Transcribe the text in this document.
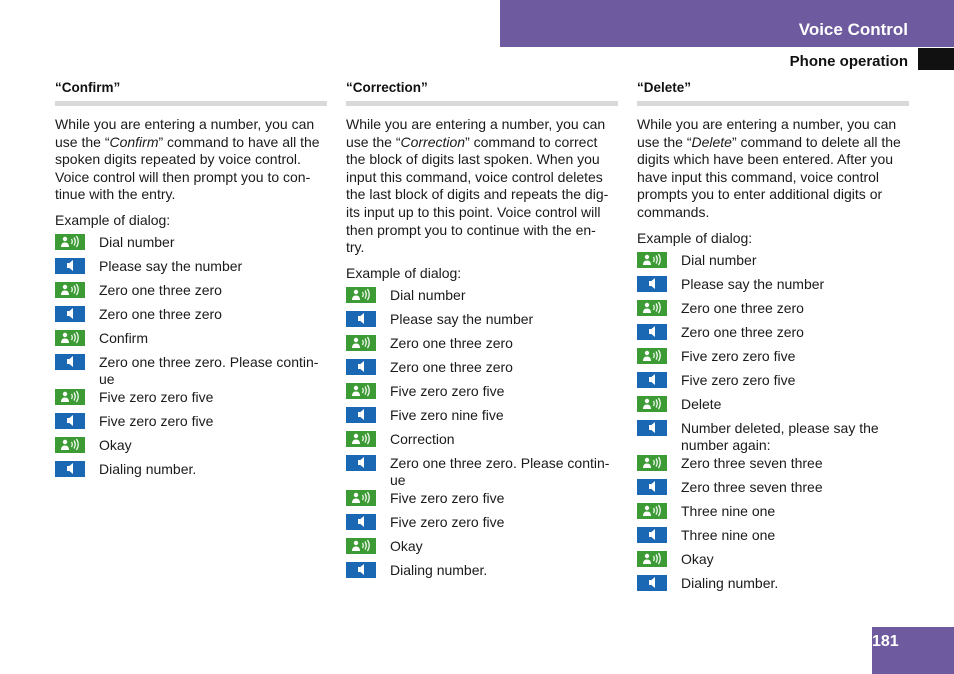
Voice Control
Phone operation
“Confirm”
While you are entering a number, you can use the “Confirm” command to have all the spoken digits repeated by voice control. Voice control will then prompt you to con- tinue with the entry.
Example of dialog:
Dial number
Please say the number
Zero one three zero
Zero one three zero
Confirm
Zero one three zero. Please contin- ue
Five zero zero five
Five zero zero five
Okay
Dialing number.
“Correction”
While you are entering a number, you can use the “Correction” command to correct the block of digits last spoken. When you input this command, voice control deletes the last block of digits and repeats the dig- its input up to this point. Voice control will then prompt you to continue with the en- try.
Example of dialog:
Dial number
Please say the number
Zero one three zero
Zero one three zero
Five zero zero five
Five zero nine five
Correction
Zero one three zero. Please contin- ue
Five zero zero five
Five zero zero five
Okay
Dialing number.
“Delete”
While you are entering a number, you can use the “Delete” command to delete all the digits which have been entered. After you have input this command, voice control prompts you to enter additional digits or commands.
Example of dialog:
Dial number
Please say the number
Zero one three zero
Zero one three zero
Five zero zero five
Five zero zero five
Delete
Number deleted, please say the number again:
Zero three seven three
Zero three seven three
Three nine one
Three nine one
Okay
Dialing number.
181
